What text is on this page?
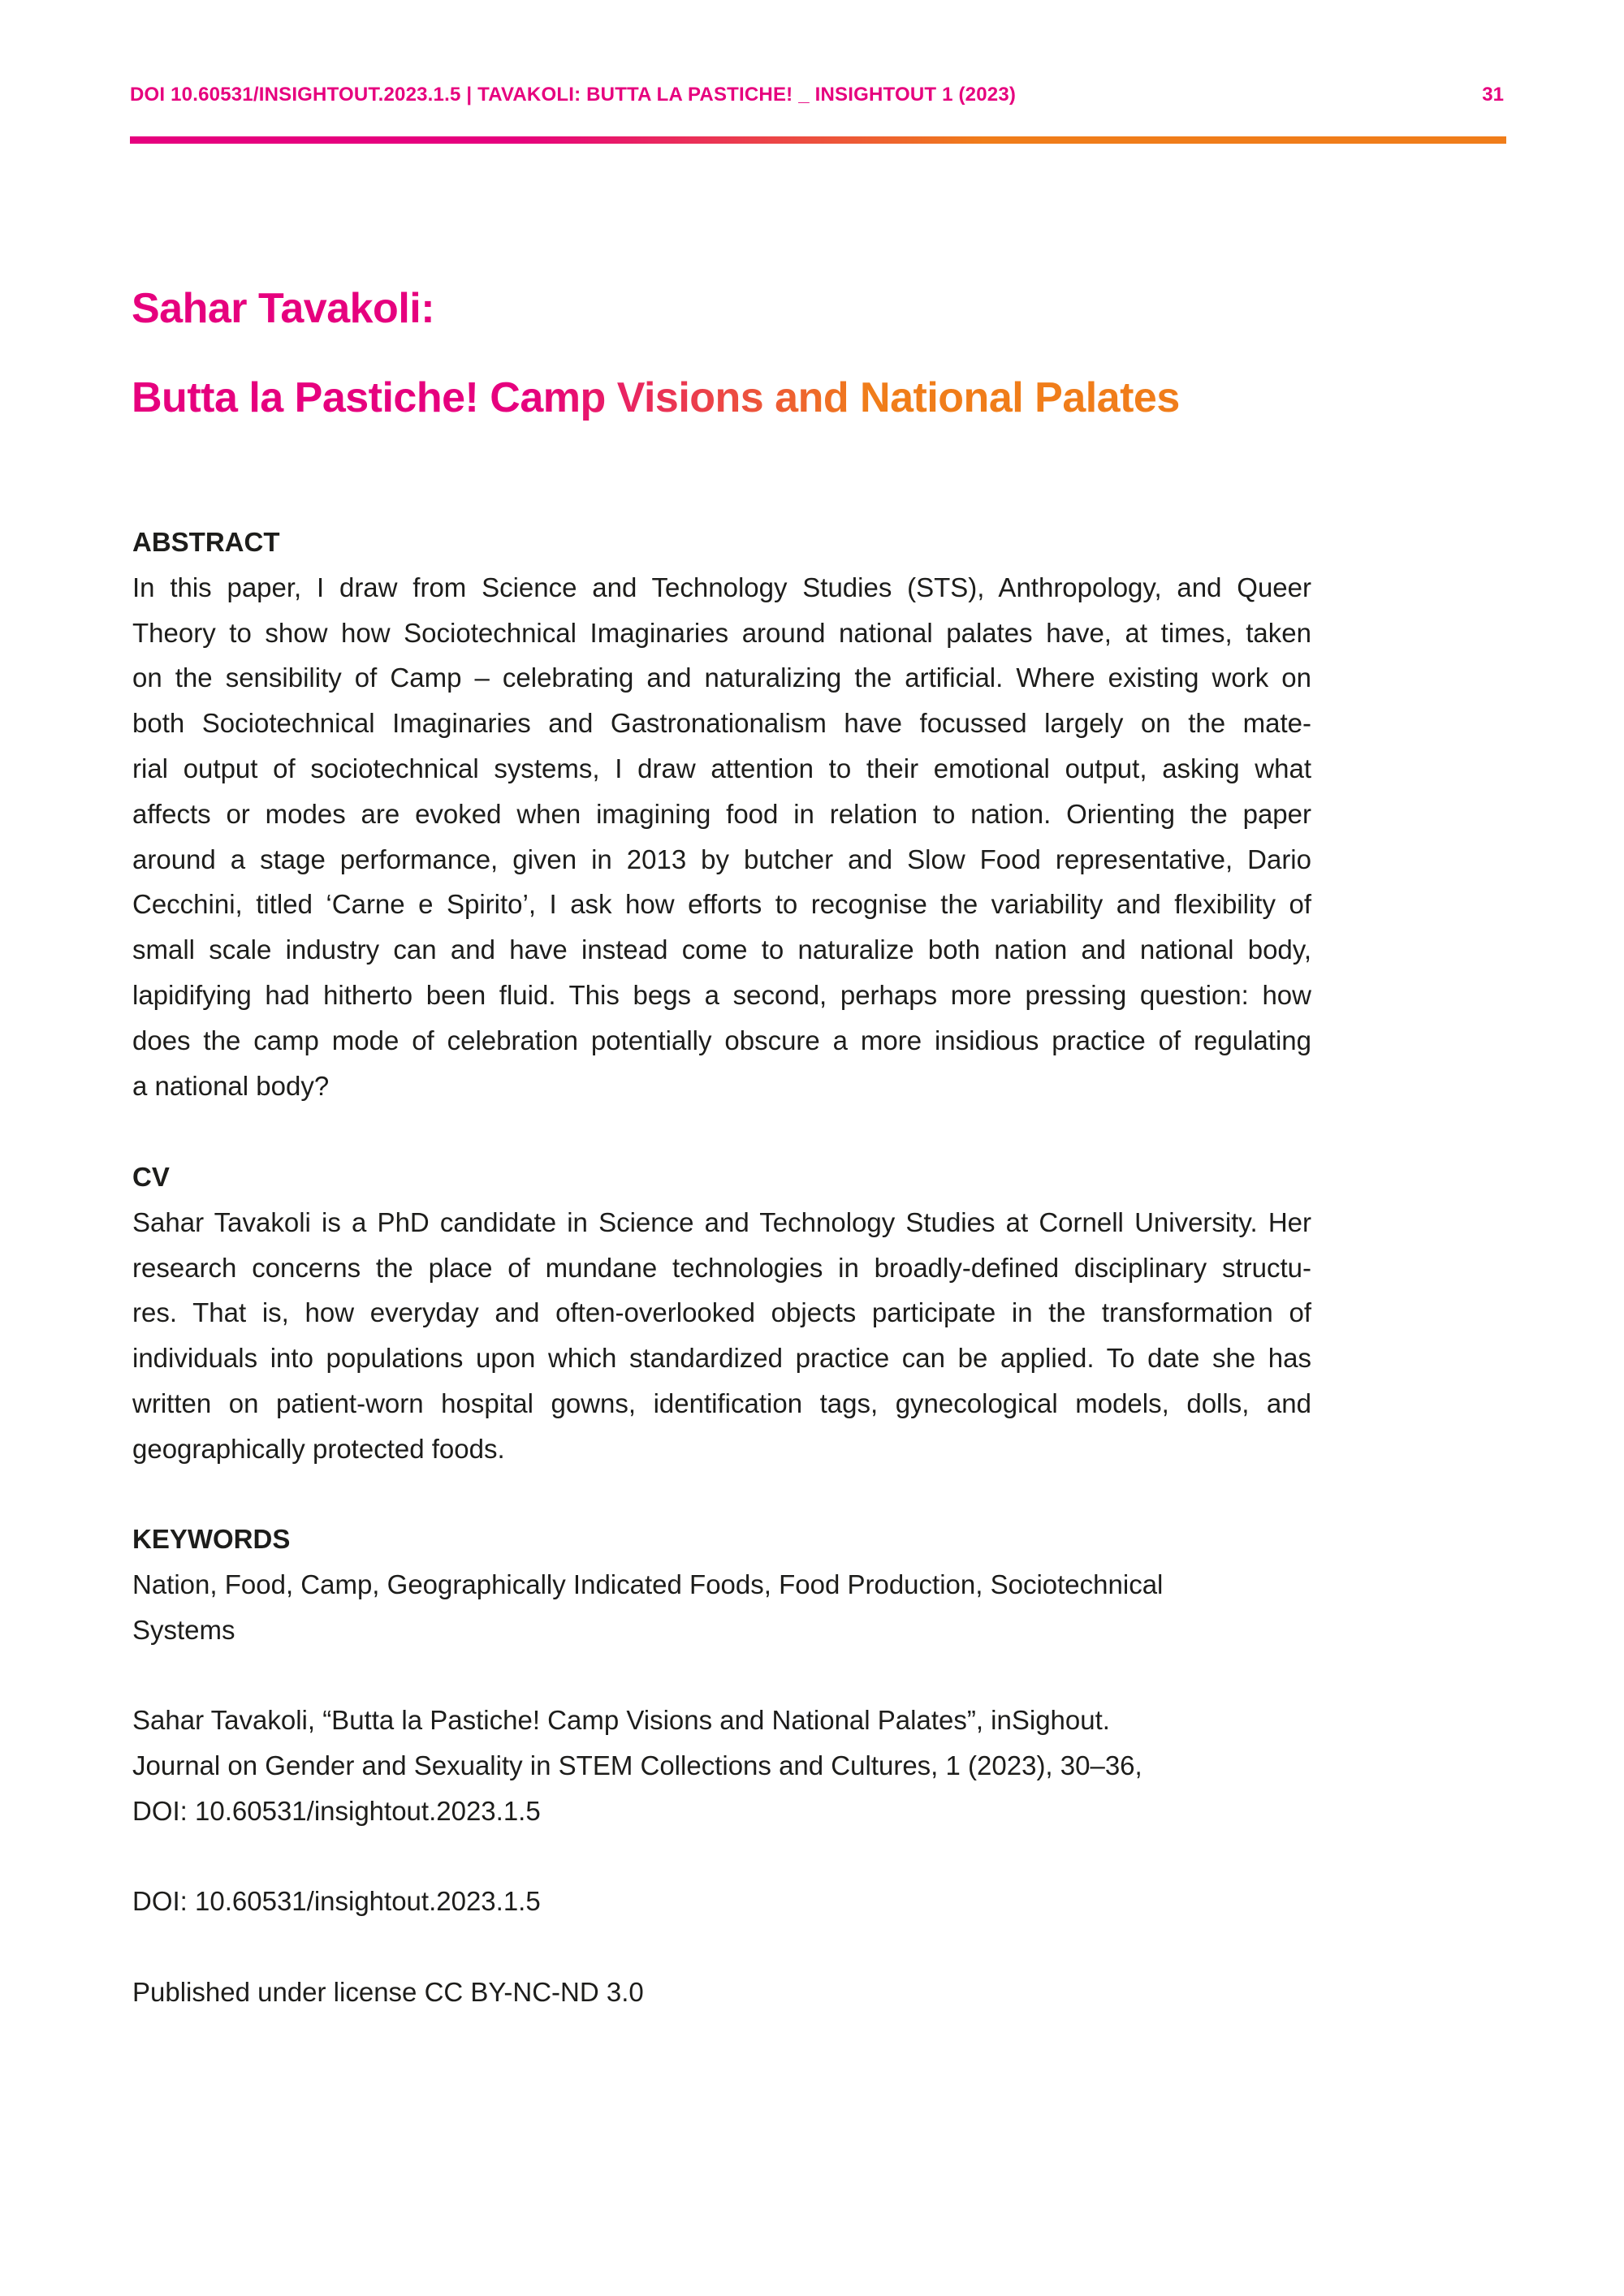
DOI 10.60531/INSIGHTOUT.2023.1.5 | TAVAKOLI: BUTTA LA PASTICHE! _ INSIGHTOUT 1 (2023)	31
Sahar Tavakoli:
Butta la Pastiche! Camp Visions and National Palates
ABSTRACT
In this paper, I draw from Science and Technology Studies (STS), Anthropology, and Queer
Theory to show how Sociotechnical Imaginaries around national palates have, at times, taken
on the sensibility of Camp – celebrating and naturalizing the artificial. Where existing work on
both Sociotechnical Imaginaries and Gastronationalism have focussed largely on the mate-
rial output of sociotechnical systems, I draw attention to their emotional output, asking what
affects or modes are evoked when imagining food in relation to nation. Orienting the paper
around a stage performance, given in 2013 by butcher and Slow Food representative, Dario
Cecchini, titled ‘Carne e Spirito’, I ask how efforts to recognise the variability and flexibility of
small scale industry can and have instead come to naturalize both nation and national body,
lapidifying had hitherto been fluid. This begs a second, perhaps more pressing question: how
does the camp mode of celebration potentially obscure a more insidious practice of regulating
a national body?
CV
Sahar Tavakoli is a PhD candidate in Science and Technology Studies at Cornell University. Her
research concerns the place of mundane technologies in broadly-defined disciplinary structu-
res. That is, how everyday and often-overlooked objects participate in the transformation of
individuals into populations upon which standardized practice can be applied. To date she has
written on patient-worn hospital gowns, identification tags, gynecological models, dolls, and
geographically protected foods.
KEYWORDS
Nation, Food, Camp, Geographically Indicated Foods, Food Production, Sociotechnical
Systems
Sahar Tavakoli, “Butta la Pastiche! Camp Visions and National Palates”, inSighout.
Journal on Gender and Sexuality in STEM Collections and Cultures, 1 (2023), 30–36,
DOI: 10.60531/insightout.2023.1.5
DOI: 10.60531/insightout.2023.1.5
Published under license CC BY-NC-ND 3.0
